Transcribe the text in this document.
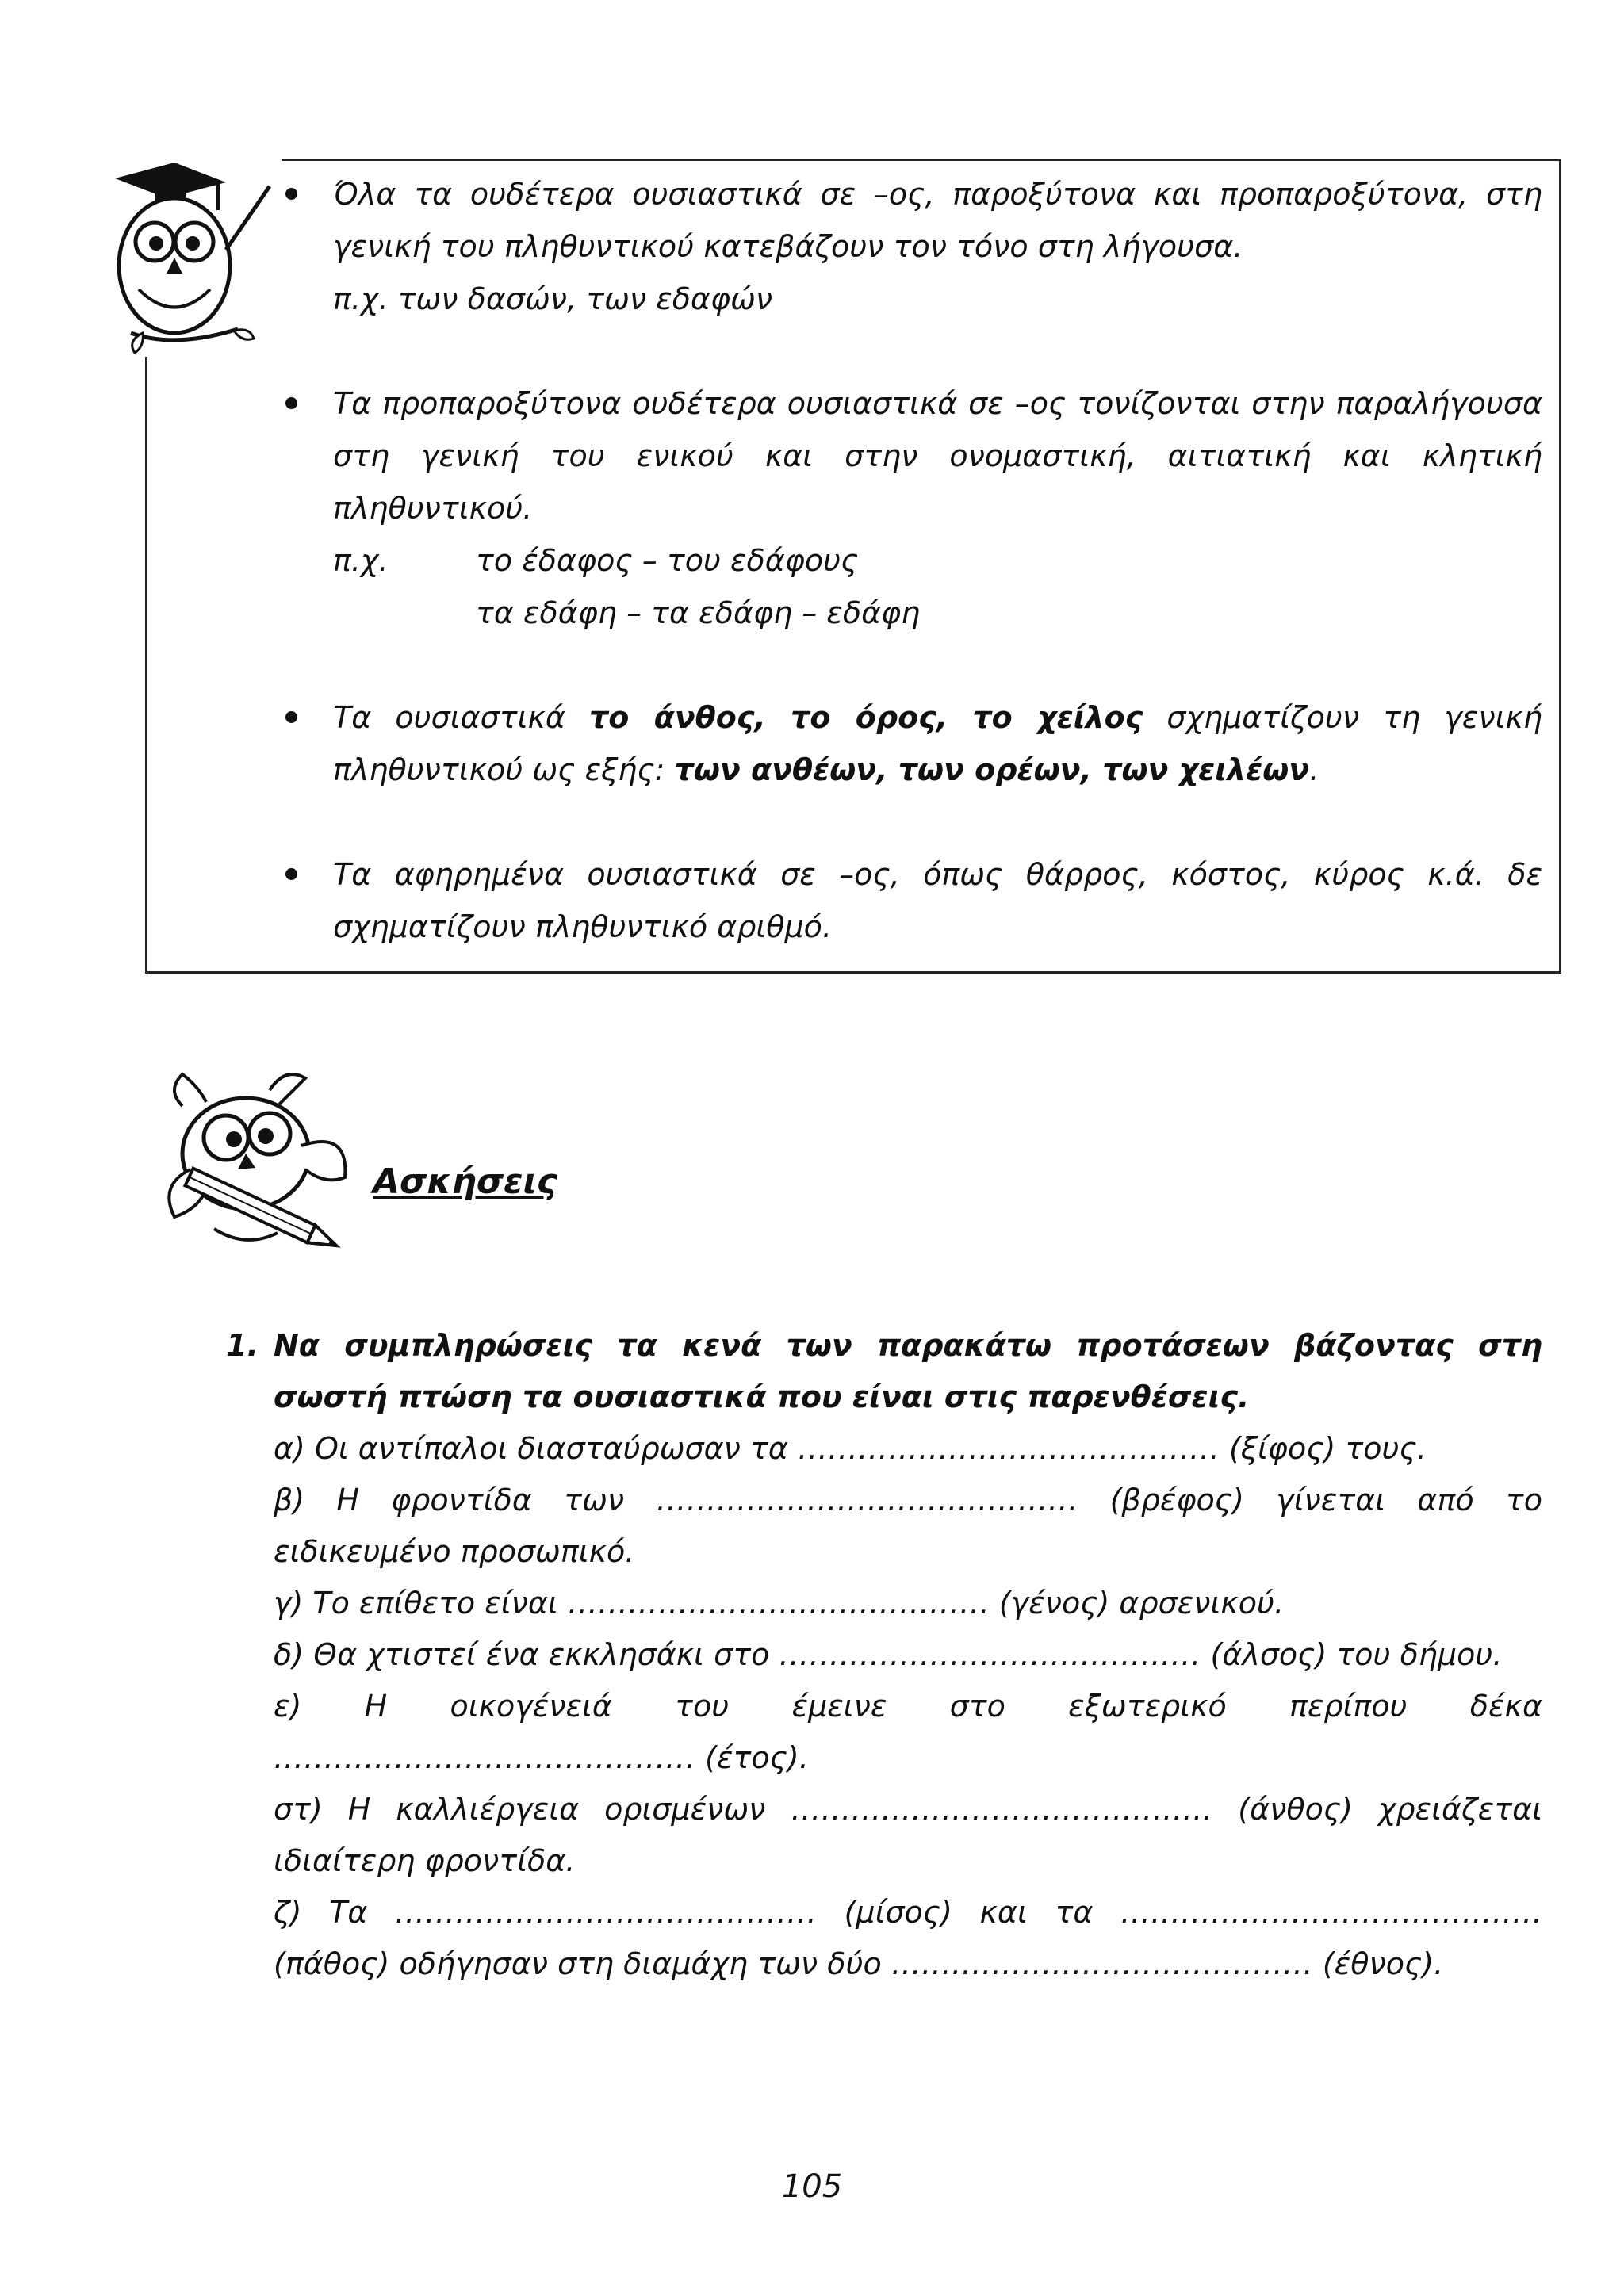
Όλα τα ουδέτερα ουσιαστικά σε –ος, παροξύτονα και προπαροξύτονα, στη γενική του πληθυντικού κατεβάζουν τον τόνο στη λήγουσα.
π.χ. των δασών, των εδαφών
Τα προπαροξύτονα ουδέτερα ουσιαστικά σε –ος τονίζονται στην παραλήγουσα στη γενική του ενικού και στην ονομαστική, αιτιατική και κλητική πληθυντικού.
π.χ.	το έδαφος – του εδάφους
τα εδάφη – τα εδάφη – εδάφη
Τα ουσιαστικά το άνθος, το όρος, το χείλος σχηματίζουν τη γενική πληθυντικού ως εξής: των ανθέων, των ορέων, των χειλέων.
Τα αφηρημένα ουσιαστικά σε –ος, όπως θάρρος, κόστος, κύρος κ.ά. δε σχηματίζουν πληθυντικό αριθμό.
Ασκήσεις
1. Να συμπληρώσεις τα κενά των παρακάτω προτάσεων βάζοντας στη σωστή πτώση τα ουσιαστικά που είναι στις παρενθέσεις.
α) Οι αντίπαλοι διασταύρωσαν τα …………………………………… (ξίφος) τους.
β) Η φροντίδα των …………………………………… (βρέφος) γίνεται από το ειδικευμένο προσωπικό.
γ) Το επίθετο είναι …………………………………… (γένος) αρσενικού.
δ) Θα χτιστεί ένα εκκλησάκι στο …………………………………… (άλσος) του δήμου.
ε) Η οικογένειά του έμεινε στο εξωτερικό περίπου δέκα …………………………………… (έτος).
στ) Η καλλιέργεια ορισμένων …………………………………… (άνθος) χρειάζεται ιδιαίτερη φροντίδα.
ζ) Τα …………………………………… (μίσος) και τα …………………………………… (πάθος) οδήγησαν στη διαμάχη των δύο …………………………………… (έθνος).
105
